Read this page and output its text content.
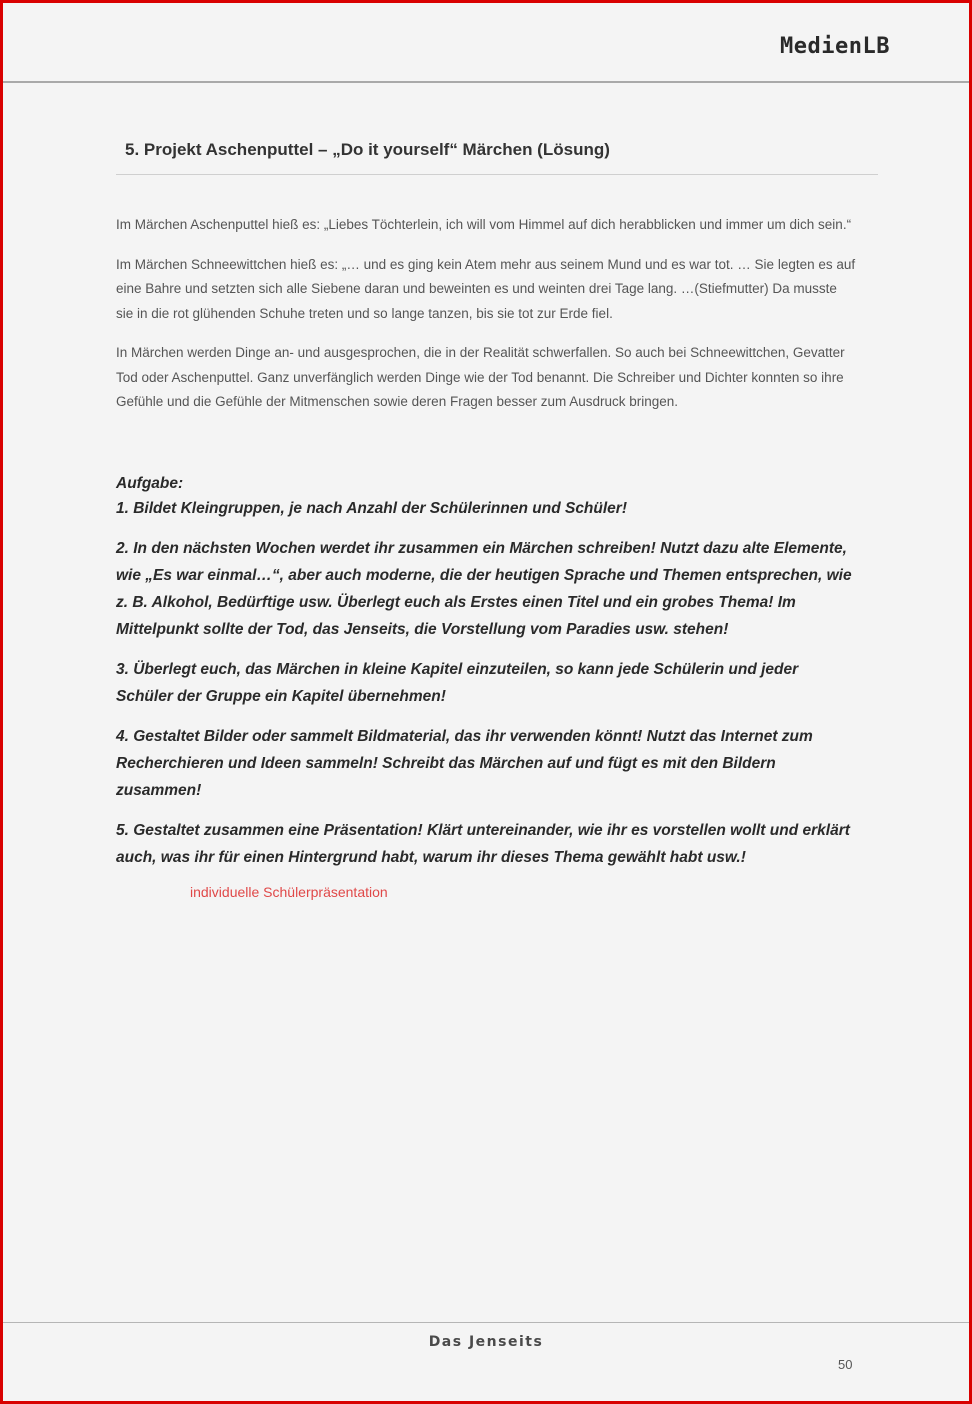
MedienLB
5. Projekt Aschenputtel – „Do it yourself“ Märchen (Lösung)

Im Märchen Aschenputtel hieß es: „Liebes Töchterlein, ich will vom Himmel auf dich herabblicken und immer um dich sein.“

Im Märchen Schneewittchen hieß es: „… und es ging kein Atem mehr aus seinem Mund und es war tot. … Sie legten es auf eine Bahre und setzten sich alle Siebene daran und beweinten es und weinten drei Tage lang. …(Stiefmutter) Da musste sie in die rot glühenden Schuhe treten und so lange tanzen, bis sie tot zur Erde fiel.

In Märchen werden Dinge an- und ausgesprochen, die in der Realität schwerfallen. So auch bei Schneewittchen, Gevatter Tod oder Aschenputtel. Ganz unverfänglich werden Dinge wie der Tod benannt. Die Schreiber und Dichter konnten so ihre Gefühle und die Gefühle der Mitmenschen sowie deren Fragen besser zum Ausdruck bringen.

Aufgabe:

1. Bildet Kleingruppen, je nach Anzahl der Schülerinnen und Schüler!

2. In den nächsten Wochen werdet ihr zusammen ein Märchen schreiben! Nutzt dazu alte Elemente, wie „Es war einmal…“, aber auch moderne, die der heutigen Sprache und Themen entsprechen, wie z. B. Alkohol, Bedürftige usw. Überlegt euch als Erstes einen Titel und ein grobes Thema! Im Mittelpunkt sollte der Tod, das Jenseits, die Vorstellung vom Paradies usw. stehen!

3. Überlegt euch, das Märchen in kleine Kapitel einzuteilen, so kann jede Schülerin und jeder Schüler der Gruppe ein Kapitel übernehmen!

4. Gestaltet Bilder oder sammelt Bildmaterial, das ihr verwenden könnt! Nutzt das Internet zum Recherchieren und Ideen sammeln! Schreibt das Märchen auf und fügt es mit den Bildern zusammen!

5. Gestaltet zusammen eine Präsentation! Klärt untereinander, wie ihr es vorstellen wollt und erklärt auch, was ihr für einen Hintergrund habt, warum ihr dieses Thema gewählt habt usw.!

individuelle Schülerpräsentation
Das Jenseits
50
